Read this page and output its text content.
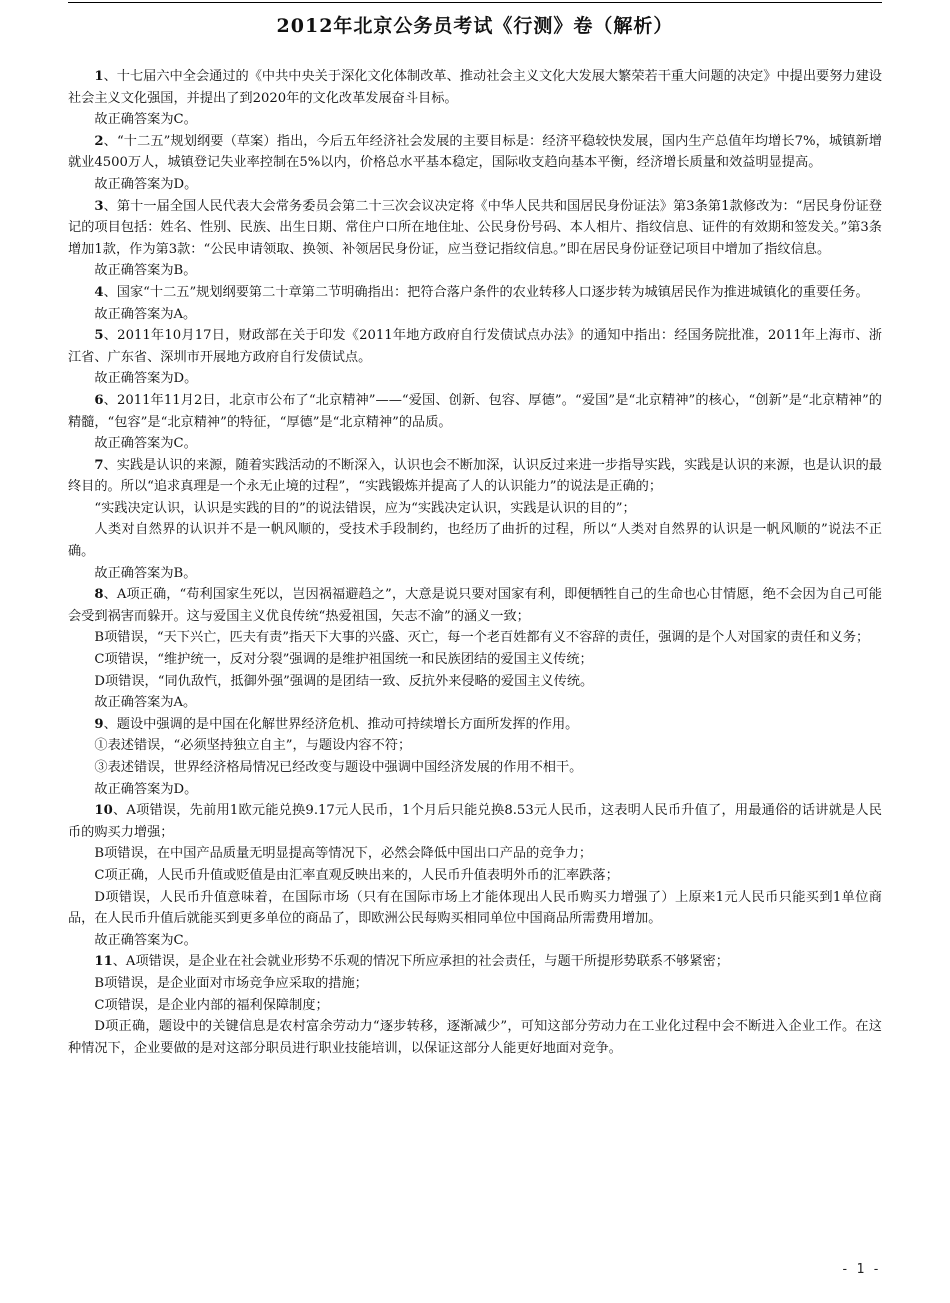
2012年北京公务员考试《行测》卷（解析）

1、十七届六中全会通过的《中共中央关于深化文化体制改革、推动社会主义文化大发展大繁荣若干重大问题的决定》中提出要努力建设社会主义文化强国，并提出了到2020年的文化改革发展奋斗目标。

故正确答案为C。

2、“十二五”规划纲要（草案）指出，今后五年经济社会发展的主要目标是：经济平稳较快发展，国内生产总值年均增长7%，城镇新增就业4500万人，城镇登记失业率控制在5%以内，价格总水平基本稳定，国际收支趋向基本平衡，经济增长质量和效益明显提高。

故正确答案为D。

3、第十一届全国人民代表大会常务委员会第二十三次会议决定将《中华人民共和国居民身份证法》第3条第1款修改为：“居民身份证登记的项目包括：姓名、性别、民族、出生日期、常住户口所在地住址、公民身份号码、本人相片、指纹信息、证件的有效期和签发关。”第3条增加1款，作为第3款：“公民申请领取、换领、补领居民身份证，应当登记指纹信息。”即在居民身份证登记项目中增加了指纹信息。

故正确答案为B。

4、国家“十二五”规划纲要第二十章第二节明确指出：把符合落户条件的农业转移人口逐步转为城镇居民作为推进城镇化的重要任务。

故正确答案为A。

5、2011年10月17日，财政部在关于印发《2011年地方政府自行发债试点办法》的通知中指出：经国务院批准，2011年上海市、浙江省、广东省、深圳市开展地方政府自行发债试点。

故正确答案为D。

6、2011年11月2日，北京市公布了“北京精神”——“爱国、创新、包容、厚德”。“爱国”是“北京精神”的核心，“创新”是“北京精神”的精髓，“包容”是“北京精神”的特征，“厚德”是“北京精神”的品质。

故正确答案为C。

7、实践是认识的来源，随着实践活动的不断深入，认识也会不断加深，认识反过来进一步指导实践，实践是认识的来源，也是认识的最终目的。所以“追求真理是一个永无止境的过程”，“实践锻炼并提高了人的认识能力”的说法是正确的；

“实践决定认识，认识是实践的目的”的说法错误，应为“实践决定认识，实践是认识的目的”；

人类对自然界的认识并不是一帆风顺的，受技术手段制约，也经历了曲折的过程，所以“人类对自然界的认识是一帆风顺的”说法不正确。

故正确答案为B。

8、A项正确，“苟利国家生死以，岂因祸福避趋之”，大意是说只要对国家有利，即便牺牲自己的生命也心甘情愿，绝不会因为自己可能会受到祸害而躲开。这与爱国主义优良传统“热爱祖国，矢志不渝”的涵义一致；

B项错误，“天下兴亡，匹夫有责”指天下大事的兴盛、灭亡，每一个老百姓都有义不容辞的责任，强调的是个人对国家的责任和义务；

C项错误，“维护统一，反对分裂”强调的是维护祖国统一和民族团结的爱国主义传统；

D项错误，“同仇敌忾，抵御外强”强调的是团结一致、反抗外来侵略的爱国主义传统。

故正确答案为A。

9、题设中强调的是中国在化解世界经济危机、推动可持续增长方面所发挥的作用。

①表述错误，“必须坚持独立自主”，与题设内容不符；

③表述错误，世界经济格局情况已经改变与题设中强调中国经济发展的作用不相干。

故正确答案为D。

10、A项错误，先前用1欧元能兑换9.17元人民币，1个月后只能兑换8.53元人民币，这表明人民币升值了，用最通俗的话讲就是人民币的购买力增强；

B项错误，在中国产品质量无明显提高等情况下，必然会降低中国出口产品的竞争力；

C项正确，人民币升值或贬值是由汇率直观反映出来的，人民币升值表明外币的汇率跌落；

D项错误，人民币升值意味着，在国际市场（只有在国际市场上才能体现出人民币购买力增强了）上原来1元人民币只能买到1单位商品，在人民币升值后就能买到更多单位的商品了，即欧洲公民每购买相同单位中国商品所需费用增加。

故正确答案为C。

11、A项错误，是企业在社会就业形势不乐观的情况下所应承担的社会责任，与题干所提形势联系不够紧密；

B项错误，是企业面对市场竞争应采取的措施；

C项错误，是企业内部的福利保障制度；

D项正确，题设中的关键信息是农村富余劳动力“逐步转移，逐渐减少”，可知这部分劳动力在工业化过程中会不断进入企业工作。在这种情况下，企业要做的是对这部分职员进行职业技能培训，以保证这部分人能更好地面对竞争。

- 1 -
